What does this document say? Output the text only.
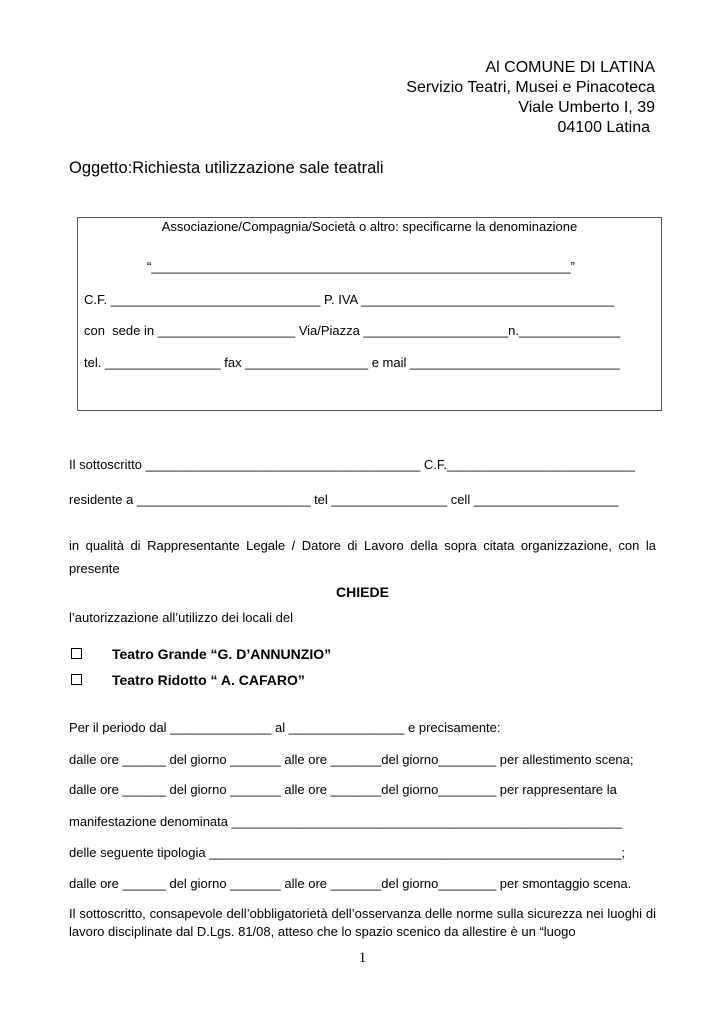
Al COMUNE DI LATINA
Servizio Teatri, Musei e Pinacoteca
Viale Umberto I, 39
04100 Latina
Oggetto:Richiesta utilizzazione sale teatrali
Associazione/Compagnia/Società o altro: specificarne la denominazione
“__________________________________________________________”
C.F. _____________________________ P. IVA ___________________________________
con  sede in ___________________ Via/Piazza ____________________n.______________
tel. ________________ fax _________________ e mail _____________________________
Il sottoscritto ______________________________________ C.F.__________________________
residente a ________________________ tel ________________ cell ____________________
in qualità di Rappresentante Legale / Datore di Lavoro della sopra citata organizzazione, con la
presente
CHIEDE
l’autorizzazione all’utilizzo dei locali del
Teatro Grande “G. D’ANNUNZIO”
Teatro Ridotto “ A. CAFARO”
Per il periodo dal ______________ al ________________ e precisamente:
dalle ore ______ del giorno _______ alle ore _______del giorno________ per allestimento scena;
dalle ore ______ del giorno _______ alle ore _______del giorno________ per rappresentare la
manifestazione denominata ______________________________________________________
delle seguente tipologia _________________________________________________________;
dalle ore ______ del giorno _______ alle ore _______del giorno________ per smontaggio scena.
Il sottoscritto, consapevole dell’obbligatorietà dell’osservanza delle norme sulla sicurezza nei luoghi di lavoro disciplinate dal D.Lgs. 81/08, atteso che lo spazio scenico da allestire è un “luogo
1
